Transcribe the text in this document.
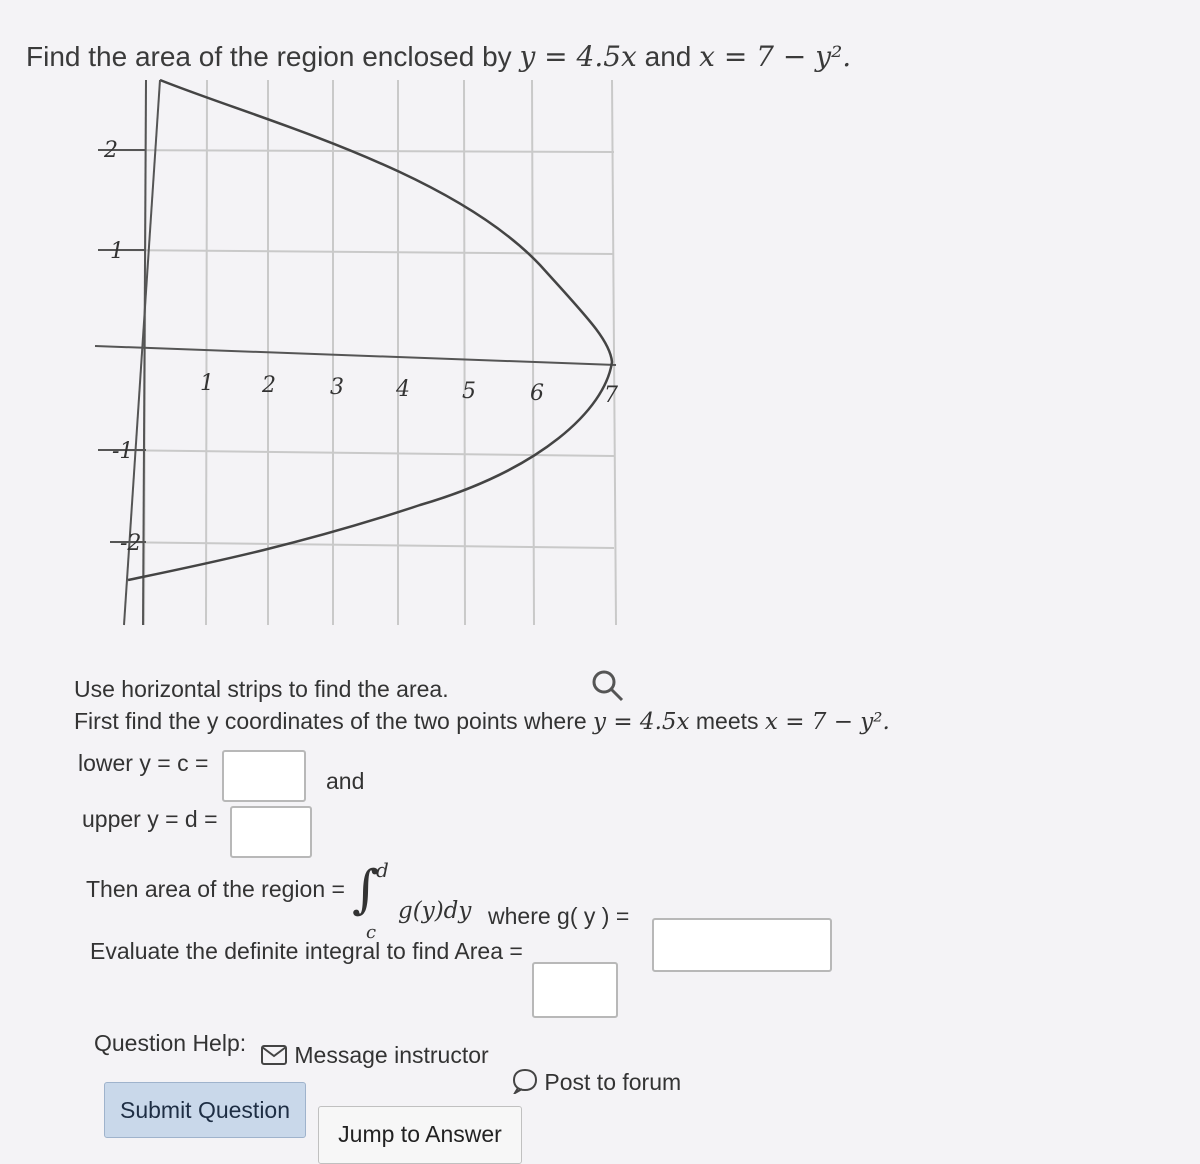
Find the area of the region enclosed by y = 4.5x and x = 7 − y².
1 2 3 4 5 6	7
2
1
-1
-2
Use horizontal strips to find the area.
First find the y coordinates of the two points where y = 4.5x meets x = 7 − y².
lower y = c =
and
upper y = d =
Then area of the region = ∫
d
c
g(y)dy where g( y ) =
Evaluate the definite integral to find Area =
Question Help:	Message instructor
Post to forum
Submit Question
Jump to Answer
